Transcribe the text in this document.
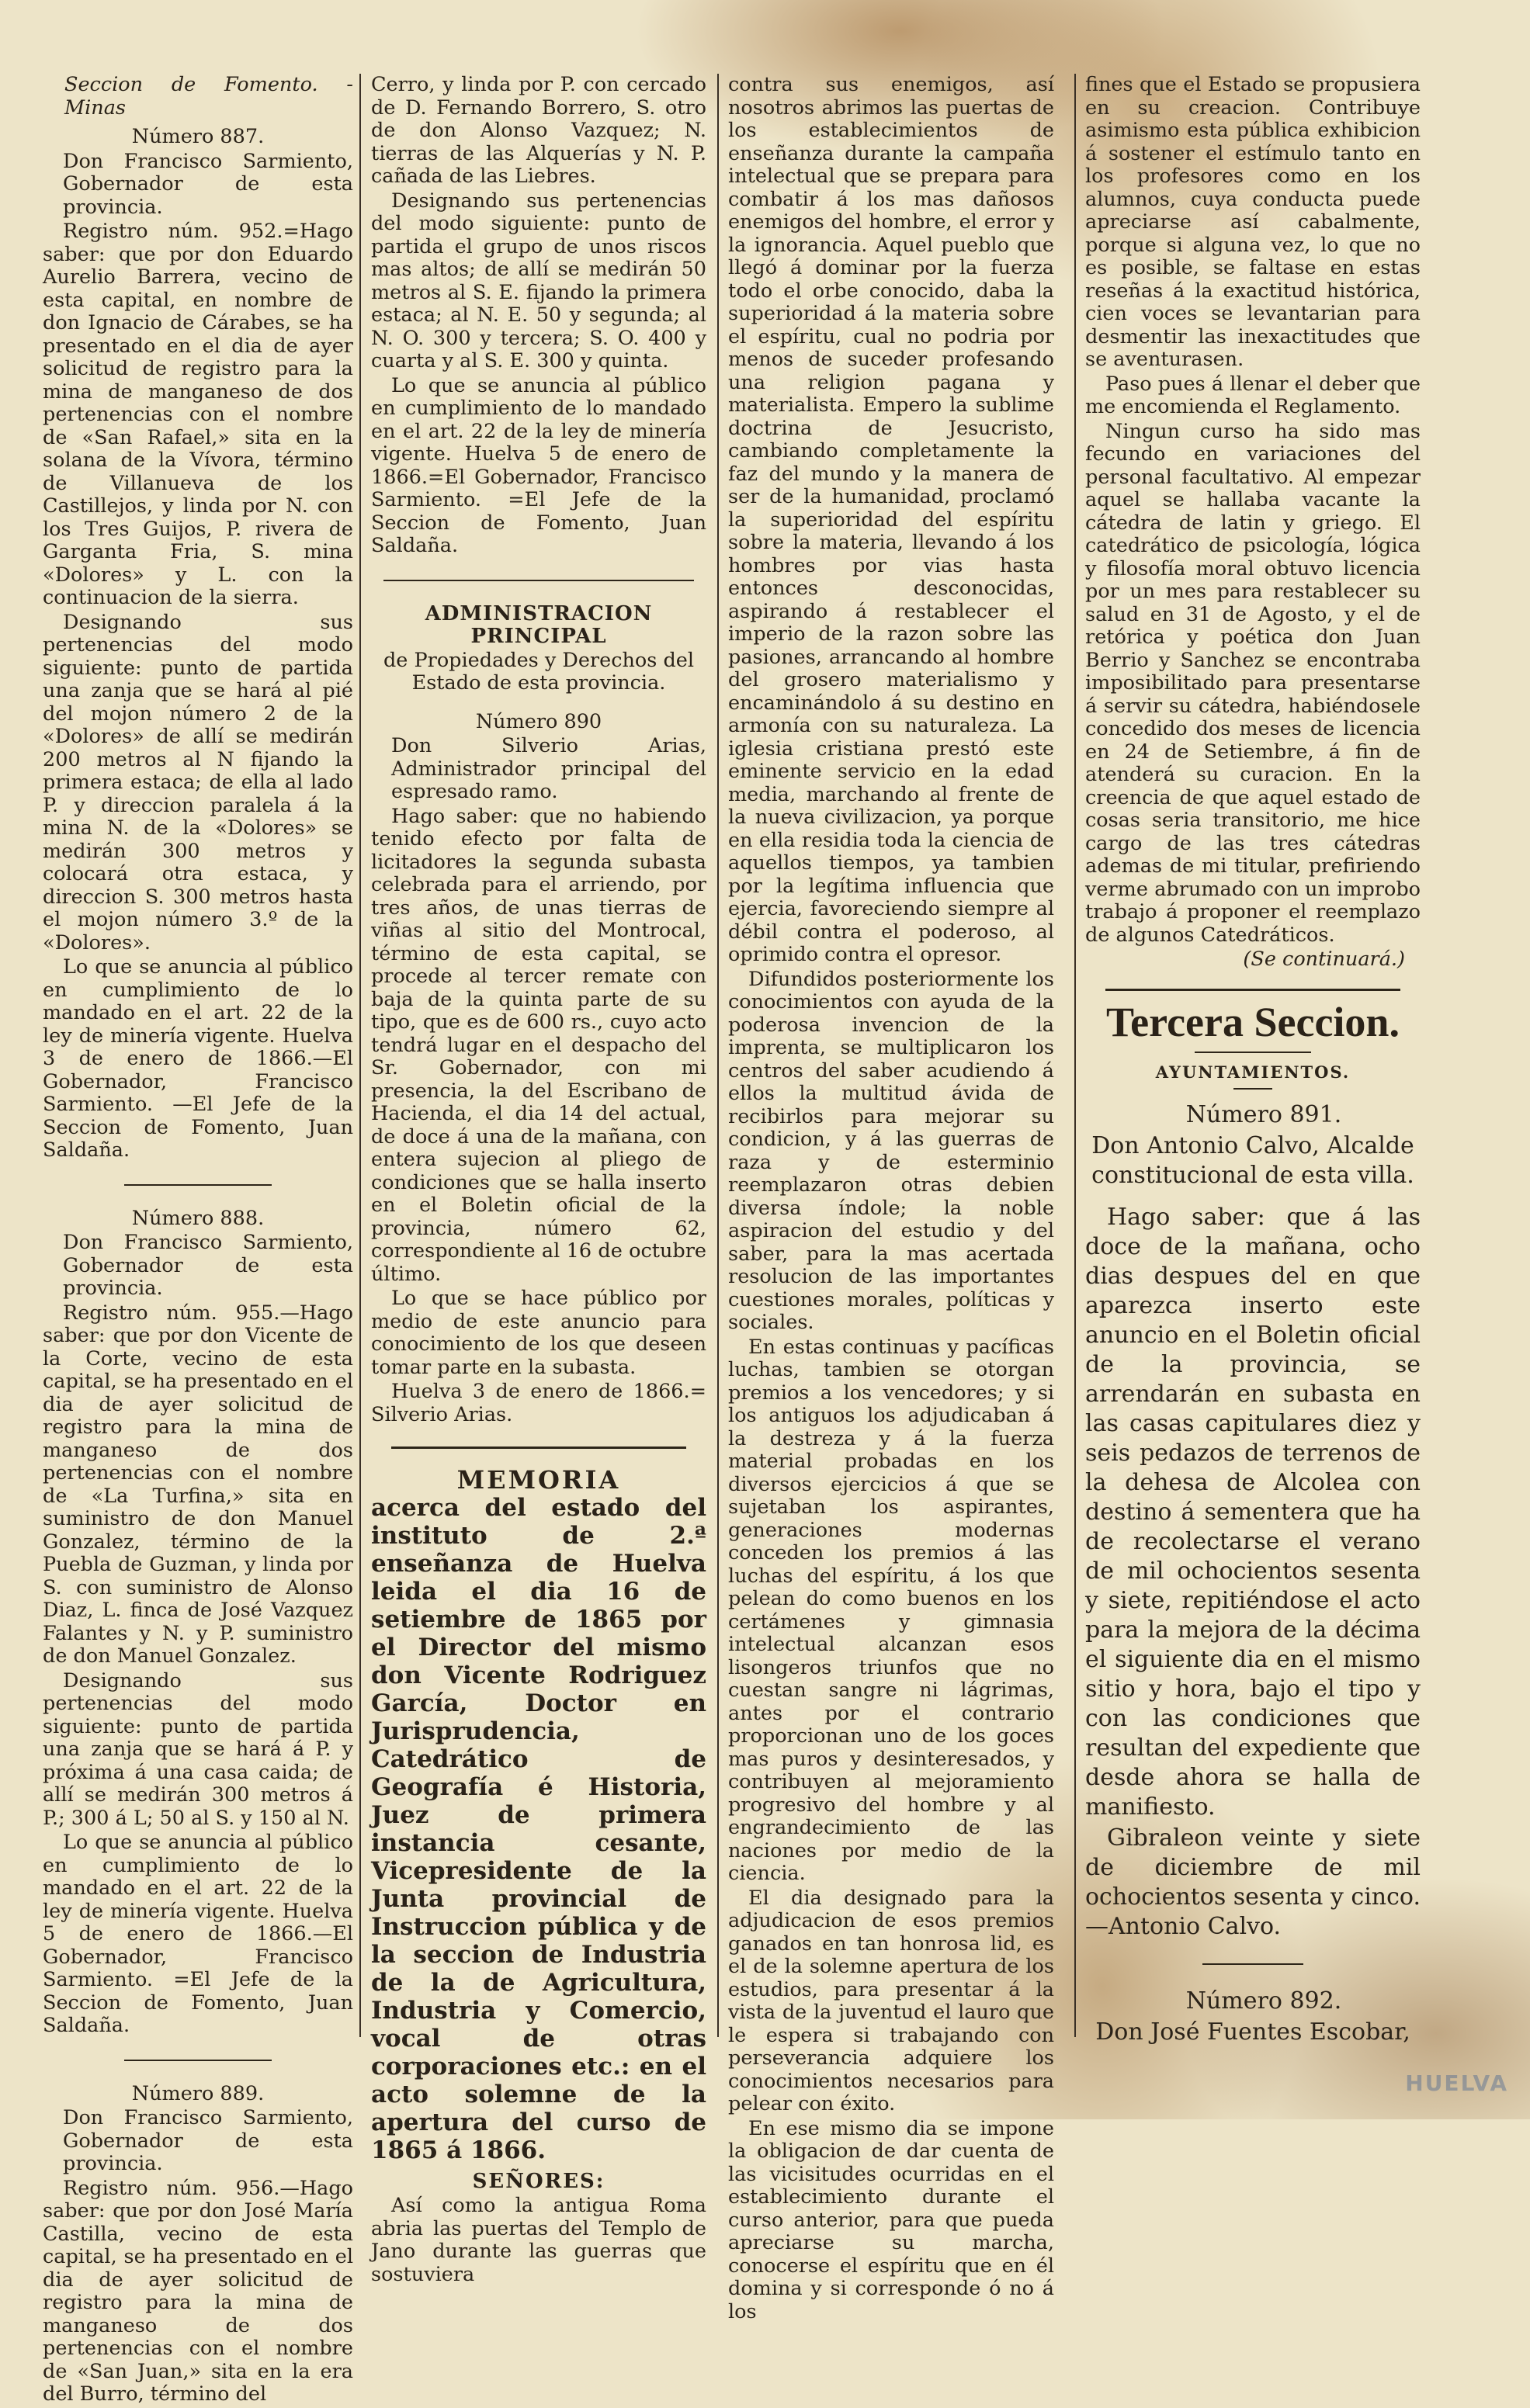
Seccion de Fomento. - Minas

Número 887.

Don Francisco Sarmiento, Gobernador de esta provincia.

Registro núm. 952.=Hago saber: que por don Eduardo Aurelio Barrera, vecino de esta capital, en nombre de don Ignacio de Cárabes, se ha presentado en el dia de ayer solicitud de registro para la mina de manganeso de dos pertenencias con el nombre de «San Rafael,» sita en la solana de la Vívora, término de Villanueva de los Castillejos, y linda por N. con los Tres Guijos, P. rivera de Garganta Fria, S. mina «Dolores» y L. con la continuacion de la sierra.

Designando sus pertenencias del modo siguiente: punto de partida una zanja que se hará al pié del mojon número 2 de la «Dolores» de allí se medirán 200 metros al N fijando la primera estaca; de ella al lado P. y direccion paralela á la mina N. de la «Dolores» se medirán 300 metros y colocará otra estaca, y direccion S. 300 metros hasta el mojon número 3.º de la «Dolores».

Lo que se anuncia al público en cumplimiento de lo mandado en el art. 22 de la ley de minería vigente. Huelva 3 de enero de 1866.—El Gobernador, Francisco Sarmiento. —El Jefe de la Seccion de Fomento, Juan Saldaña.

Número 888.

Don Francisco Sarmiento, Gobernador de esta provincia.

Registro núm. 955.—Hago saber: que por don Vicente de la Corte, vecino de esta capital, se ha presentado en el dia de ayer solicitud de registro para la mina de manganeso de dos pertenencias con el nombre de «La Turfina,» sita en suministro de don Manuel Gonzalez, término de la Puebla de Guzman, y linda por S. con suministro de Alonso Diaz, L. finca de José Vazquez Falantes y N. y P. suministro de don Manuel Gonzalez.

Designando sus pertenencias del modo siguiente: punto de partida una zanja que se hará á P. y próxima á una casa caida; de allí se medirán 300 metros á P.; 300 á L; 50 al S. y 150 al N.

Lo que se anuncia al público en cumplimiento de lo mandado en el art. 22 de la ley de minería vigente. Huelva 5 de enero de 1866.—El Gobernador, Francisco Sarmiento. =El Jefe de la Seccion de Fomento, Juan Saldaña.

Número 889.

Don Francisco Sarmiento, Gobernador de esta provincia.

Registro núm. 956.—Hago saber: que por don José María Castilla, vecino de esta capital, se ha presentado en el dia de ayer solicitud de registro para la mina de manganeso de dos pertenencias con el nombre de «San Juan,» sita en la era del Burro, término del

Cerro, y linda por P. con cercado de D. Fernando Borrero, S. otro de don Alonso Vazquez; N. tierras de las Alquerías y N. P. cañada de las Liebres.

Designando sus pertenencias del modo siguiente: punto de partida el grupo de unos riscos mas altos; de allí se medirán 50 metros al S. E. fijando la primera estaca; al N. E. 50 y segunda; al N. O. 300 y tercera; S. O. 400 y cuarta y al S. E. 300 y quinta.

Lo que se anuncia al público en cumplimiento de lo mandado en el art. 22 de la ley de minería vigente. Huelva 5 de enero de 1866.=El Gobernador, Francisco Sarmiento. =El Jefe de la Seccion de Fomento, Juan Saldaña.

ADMINISTRACION PRINCIPAL

de Propiedades y Derechos del Estado de esta provincia.

Número 890

Don Silverio Arias, Administrador principal del espresado ramo.

Hago saber: que no habiendo tenido efecto por falta de licitadores la segunda subasta celebrada para el arriendo, por tres años, de unas tierras de viñas al sitio del Montrocal, término de esta capital, se procede al tercer remate con baja de la quinta parte de su tipo, que es de 600 rs., cuyo acto tendrá lugar en el despacho del Sr. Gobernador, con mi presencia, la del Escribano de Hacienda, el dia 14 del actual, de doce á una de la mañana, con entera sujecion al pliego de condiciones que se halla inserto en el Boletin oficial de la provincia, número 62, correspondiente al 16 de octubre último.

Lo que se hace público por medio de este anuncio para conocimiento de los que deseen tomar parte en la subasta.

Huelva 3 de enero de 1866.= Silverio Arias.

MEMORIA

acerca del estado del instituto de 2.ª enseñanza de Huelva leida el dia 16 de setiembre de 1865 por el Director del mismo don Vicente Rodriguez García, Doctor en Jurisprudencia, Catedrático de Geografía é Historia, Juez de primera instancia cesante, Vicepresidente de la Junta provincial de Instruccion pública y de la seccion de Industria de la de Agricultura, Industria y Comercio, vocal de otras corporaciones etc.: en el acto solemne de la apertura del curso de 1865 á 1866.

SEÑORES:

Así como la antigua Roma abria las puertas del Templo de Jano durante las guerras que sostuviera

contra sus enemigos, así nosotros abrimos las puertas de los establecimientos de enseñanza durante la campaña intelectual que se prepara para combatir á los mas dañosos enemigos del hombre, el error y la ignorancia. Aquel pueblo que llegó á dominar por la fuerza todo el orbe conocido, daba la superioridad á la materia sobre el espíritu, cual no podria por menos de suceder profesando una religion pagana y materialista. Empero la sublime doctrina de Jesucristo, cambiando completamente la faz del mundo y la manera de ser de la humanidad, proclamó la superioridad del espíritu sobre la materia, llevando á los hombres por vias hasta entonces desconocidas, aspirando á restablecer el imperio de la razon sobre las pasiones, arrancando al hombre del grosero materialismo y encaminándolo á su destino en armonía con su naturaleza. La iglesia cristiana prestó este eminente servicio en la edad media, marchando al frente de la nueva civilizacion, ya porque en ella residia toda la ciencia de aquellos tiempos, ya tambien por la legítima influencia que ejercia, favoreciendo siempre al débil contra el poderoso, al oprimido contra el opresor.

Difundidos posteriormente los conocimientos con ayuda de la poderosa invencion de la imprenta, se multiplicaron los centros del saber acudiendo á ellos la multitud ávida de recibirlos para mejorar su condicion, y á las guerras de raza y de esterminio reemplazaron otras debien diversa índole; la noble aspiracion del estudio y del saber, para la mas acertada resolucion de las importantes cuestiones morales, políticas y sociales.

En estas continuas y pacíficas luchas, tambien se otorgan premios a los vencedores; y si los antiguos los adjudicaban á la destreza y á la fuerza material probadas en los diversos ejercicios á que se sujetaban los aspirantes, generaciones modernas conceden los premios á las luchas del espíritu, á los que pelean do como buenos en los certámenes y gimnasia intelectual alcanzan esos lisongeros triunfos que no cuestan sangre ni lágrimas, antes por el contrario proporcionan uno de los goces mas puros y desinteresados, y contribuyen al mejoramiento progresivo del hombre y al engrandecimiento de las naciones por medio de la ciencia.

El dia designado para la adjudicacion de esos premios ganados en tan honrosa lid, es el de la solemne apertura de los estudios, para presentar á la vista de la juventud el lauro que le espera si trabajando con perseverancia adquiere los conocimientos necesarios para pelear con éxito.

En ese mismo dia se impone la obligacion de dar cuenta de las vicisitudes ocurridas en el establecimiento durante el curso anterior, para que pueda apreciarse su marcha, conocerse el espíritu que en él domina y si corresponde ó no á los

fines que el Estado se propusiera en su creacion. Contribuye asimismo esta pública exhibicion á sostener el estímulo tanto en los profesores como en los alumnos, cuya conducta puede apreciarse así cabalmente, porque si alguna vez, lo que no es posible, se faltase en estas reseñas á la exactitud histórica, cien voces se levantarian para desmentir las inexactitudes que se aventurasen.

Paso pues á llenar el deber que me encomienda el Reglamento.

Ningun curso ha sido mas fecundo en variaciones del personal facultativo. Al empezar aquel se hallaba vacante la cátedra de latin y griego. El catedrático de psicología, lógica y filosofía moral obtuvo licencia por un mes para restablecer su salud en 31 de Agosto, y el de retórica y poética don Juan Berrio y Sanchez se encontraba imposibilitado para presentarse á servir su cátedra, habiéndosele concedido dos meses de licencia en 24 de Setiembre, á fin de atenderá su curacion. En la creencia de que aquel estado de cosas seria transitorio, me hice cargo de las tres cátedras ademas de mi titular, prefiriendo verme abrumado con un improbo trabajo á proponer el reemplazo de algunos Catedráticos.

(Se continuará.)

Tercera Seccion.

AYUNTAMIENTOS.

Número 891.

Don Antonio Calvo, Alcalde constitucional de esta villa.

Hago saber: que á las doce de la mañana, ocho dias despues del en que aparezca inserto este anuncio en el Boletin oficial de la provincia, se arrendarán en subasta en las casas capitulares diez y seis pedazos de terrenos de la dehesa de Alcolea con destino á sementera que ha de recolectarse el verano de mil ochocientos sesenta y siete, repitiéndose el acto para la mejora de la décima el siguiente dia en el mismo sitio y hora, bajo el tipo y con las condiciones que resultan del expediente que desde ahora se halla de manifiesto.

Gibraleon veinte y siete de diciembre de mil ochocientos sesenta y cinco.—Antonio Calvo.

Número 892.

Don José Fuentes Escobar,

HUELVA
